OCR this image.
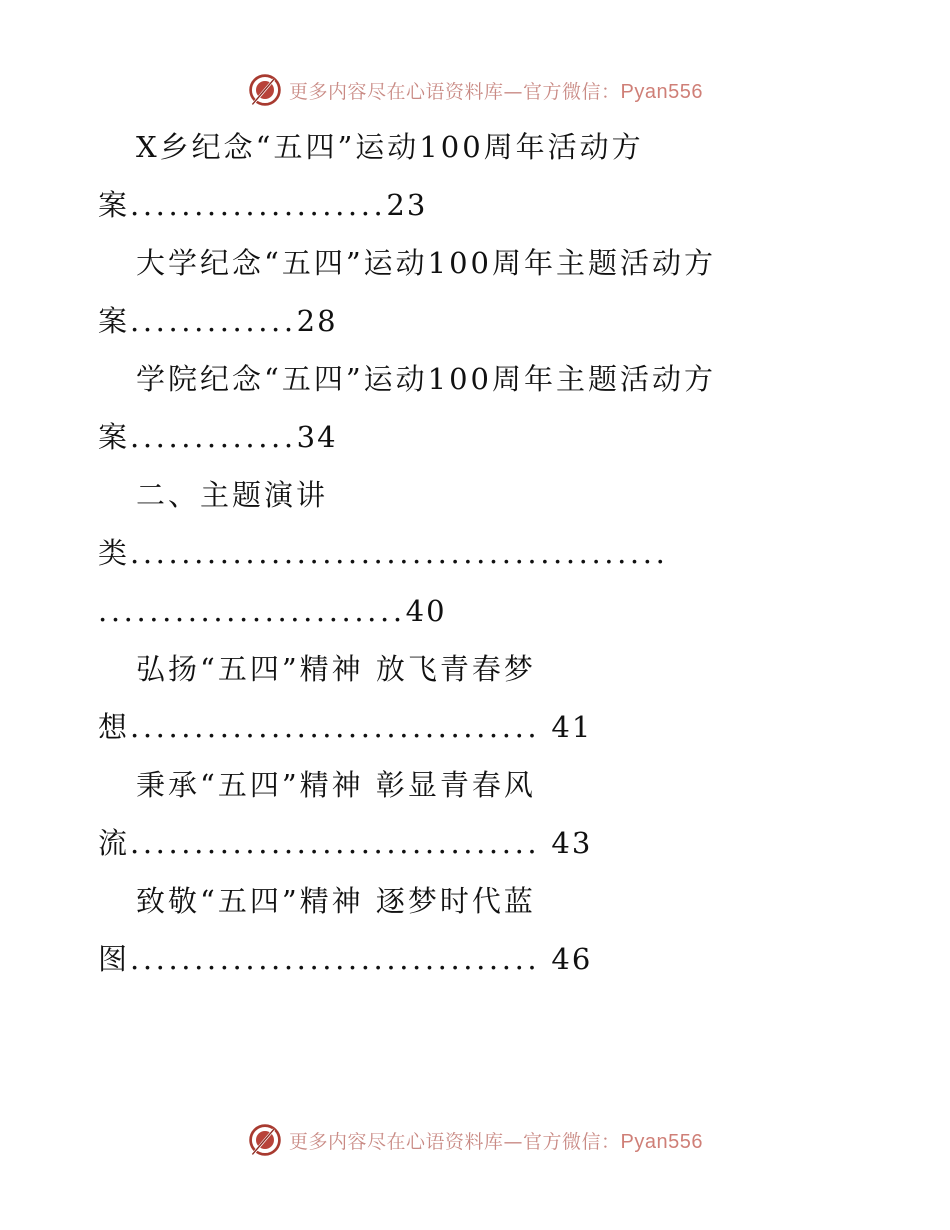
更多内容尽在心语资料库—官方微信：Pyan556
X乡纪念“五四”运动100周年活动方
案....................23
大学纪念“五四”运动100周年主题活动方
案.............28
学院纪念“五四”运动100周年主题活动方
案.............34
二、主题演讲
类..........................................
........................40
弘扬“五四”精神 放飞青春梦
想................................ 41
秉承“五四”精神 彰显青春风
流................................ 43
致敬“五四”精神 逐梦时代蓝
图................................ 46
更多内容尽在心语资料库—官方微信：Pyan556
